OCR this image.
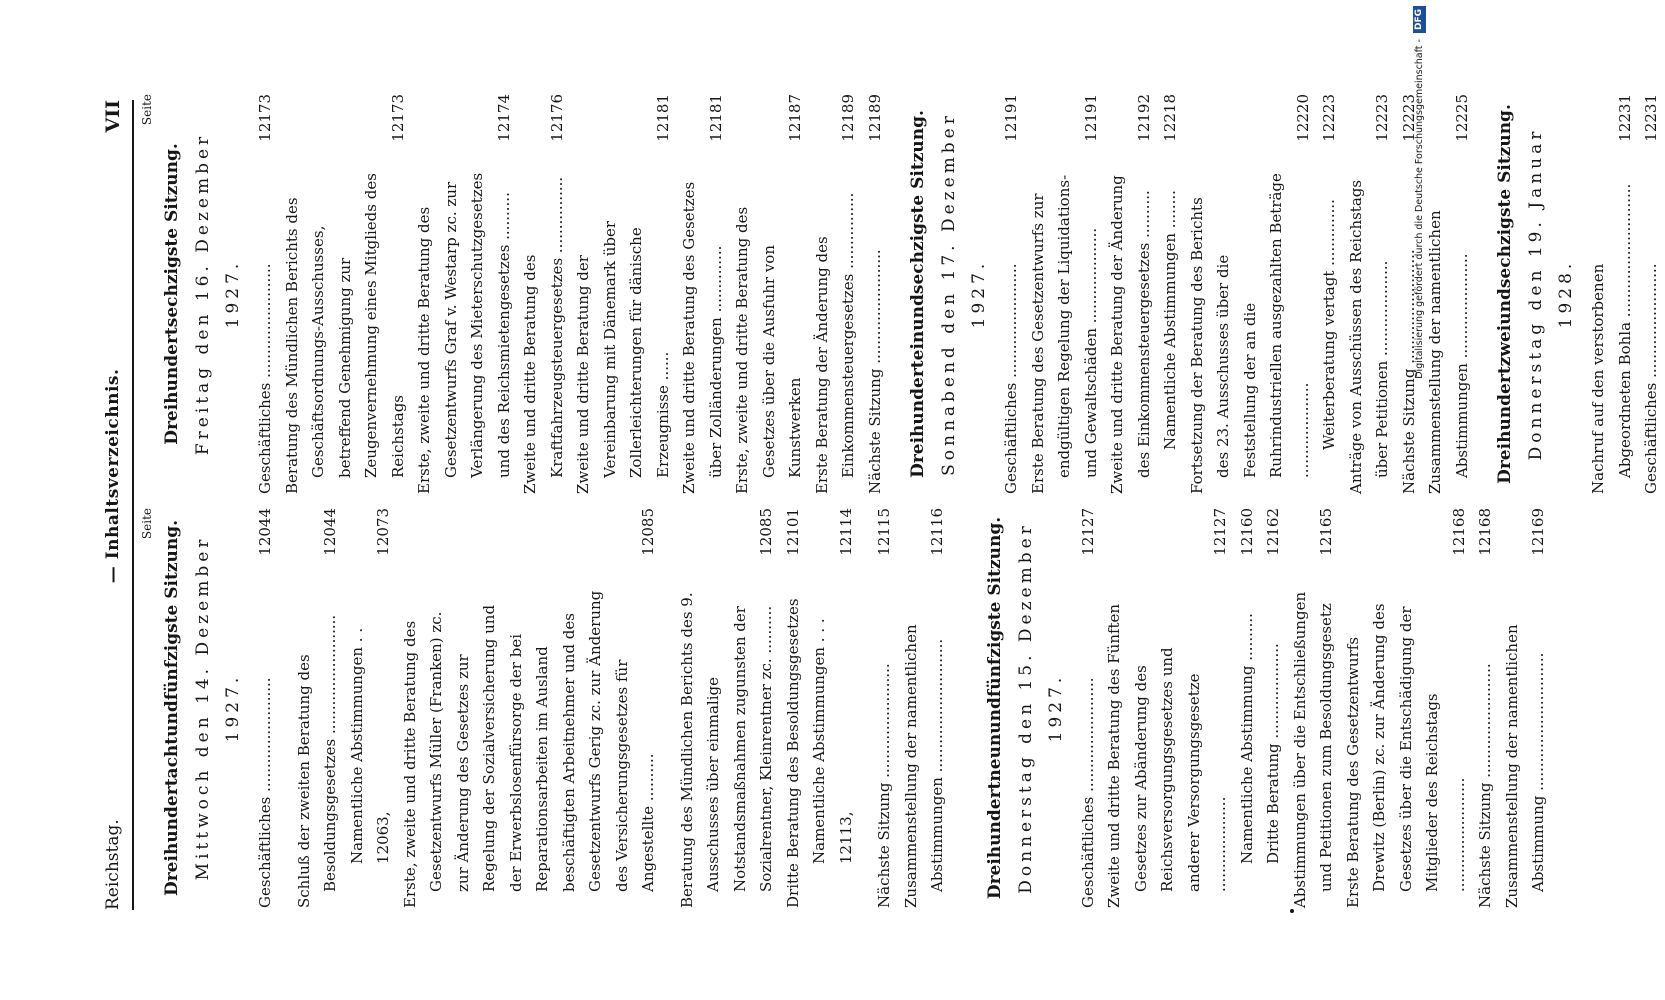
Reichstag.
— Inhaltsverzeichnis.
VII
Seite Dreihundertachtundfünfzigste Sitzung. Mittwoch den 14. Dezember 1927. Geschäftliches ........................
12044
Schluß der zweiten Beratung des Besoldungsgesetzes .........................
12044
Namentliche Abstimmungen . . 12063,
12073
Erste, zweite und dritte Beratung des Gesetzentwurfs Müller (Franken) zc. zur Änderung des Gesetzes zur Regelung der Sozialversicherung und der Erwerbslosenfürsorge der bei Reparationsarbeiten im Ausland beschäftigten Arbeitnehmer und des Gesetzentwurfs Gerig zc. zur Änderung des Versicherungsgesetzes für Angestellte ..........
12085
Beratung des Mündlichen Berichts des 9. Ausschusses über einmalige Notstandsmaßnahmen zugunsten der Sozialrentner, Kleinrentner zc. ..........
12085
Dritte Beratung des Besoldungsgesetzes
12101
Namentliche Abstimmungen . . . 12113,
12114
Nächste Sitzung ........................
12115
Zusammenstellung der namentlichen Abstimmungen ............................
12116 Dreihundertneunundfünfzigste Sitzung. Donnerstag den 15. Dezember 1927. Geschäftliches ........................
12127
Zweite und dritte Beratung des Fünften Gesetzes zur Abänderung des Reichsversorgungsgesetzes und anderer Versorgungsgesetze ....................
12127
Namentliche Abstimmung ..........
12160
Dritte Beratung ....................
12162
Abstimmungen über die Entschließungen und Petitionen zum Besoldungsgesetz
12165
Erste Beratung des Gesetzentwurfs Drewitz (Berlin) zc. zur Änderung des Gesetzes über die Entschädigung der Mitglieder des Reichstags ........................
12168
Nächste Sitzung ........................
12168
Zusammenstellung der namentlichen Abstimmung .............................
12169
Seite
Dreihundertsechzigste Sitzung. Freitag den 16. Dezember 1927. Geschäftliches ........................
12173
Beratung des Mündlichen Berichts des Geschäftsordnungs-Ausschusses, betreffend Genehmigung zur Zeugenvernehmung eines Mitglieds des Reichstags
12173
Erste, zweite und dritte Beratung des Gesetzentwurfs Graf v. Westarp zc. zur Verlängerung des Mieterschutzgesetzes und des Reichsmietengesetzes ..........
12174
Zweite und dritte Beratung des Kraftfahrzeugsteuergesetzes ................
12176
Zweite und dritte Beratung der Vereinbarung mit Dänemark über Zollerleichterungen für dänische Erzeugnisse ......
12181
Zweite und dritte Beratung des Gesetzes über Zolländerungen ..............
12181
Erste, zweite und dritte Beratung des Gesetzes über die Ausfuhr von Kunstwerken
12187
Erste Beratung der Änderung des Einkommensteuergesetzes ................
12189
Nächste Sitzung ........................
12189 Dreihunderteinundsechzigste Sitzung. Sonnabend den 17. Dezember 1927. Geschäftliches ........................
12191
Erste Beratung des Gesetzentwurfs zur endgültigen Regelung der Liquidations- und Gewaltschäden ....................
12191
Zweite und dritte Beratung der Änderung des Einkommensteuergesetzes ..........
12192
Namentliche Abstimmungen ........
12218
Fortsetzung der Beratung des Berichts des 23. Ausschusses über die Feststellung der an die Ruhrindustriellen ausgezahlten Beträge ....................
12220
Weiterberatung vertagt ..............
12223
Anträge von Ausschüssen des Reichstags über Petitionen ....................
12223
Nächste Sitzung ........................
12223
Zusammenstellung der namentlichen Abstimmungen ......................
12225 Dreihundertzweiundsechzigste Sitzung. Donnerstag den 19. Januar 1928. Nachruf auf den verstorbenen Abgeordneten Bohla ............................
12231
Geschäftliches ........................
12231
Digitalisierung gefördert durch die Deutsche Forschungsgemeinschaft -
DFG
